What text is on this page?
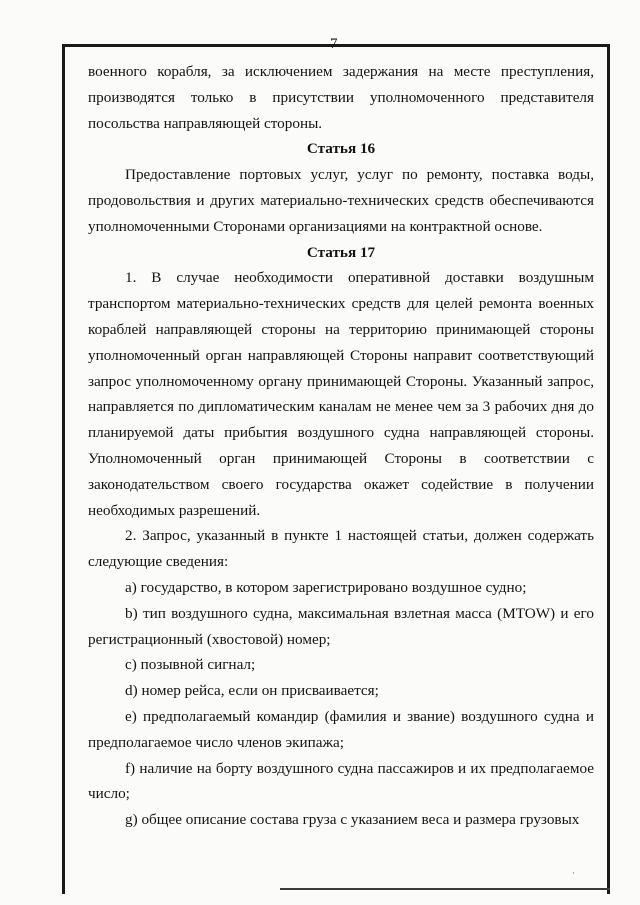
7
·

военного корабля, за исключением задержания на месте преступления, производятся только в присутствии уполномоченного представителя посольства направляющей стороны.

Статья 16

Предоставление портовых услуг, услуг по ремонту, поставка воды, продовольствия и других материально-технических средств обеспечиваются уполномоченными Сторонами организациями на контрактной основе.

Статья 17

1. В случае необходимости оперативной доставки воздушным транспортом материально-технических средств для целей ремонта военных кораблей направляющей стороны на территорию принимающей стороны уполномоченный орган направляющей Стороны направит соответствующий запрос уполномоченному органу принимающей Стороны. Указанный запрос, направляется по дипломатическим каналам не менее чем за 3 рабочих дня до планируемой даты прибытия воздушного судна направляющей стороны. Уполномоченный орган принимающей Стороны в соответствии с законодательством своего государства окажет содействие в получении необходимых разрешений.

2. Запрос, указанный в пункте 1 настоящей статьи, должен содержать следующие сведения:

а) государство, в котором зарегистрировано воздушное судно;

b) тип воздушного судна, максимальная взлетная масса (MTOW) и его регистрационный (хвостовой) номер;

c) позывной сигнал;

d) номер рейса, если он присваивается;

e) предполагаемый командир (фамилия и звание) воздушного судна и предполагаемое число членов экипажа;

f) наличие на борту воздушного судна пассажиров и их предполагаемое число;

g) общее описание состава груза с указанием веса и размера грузовых
